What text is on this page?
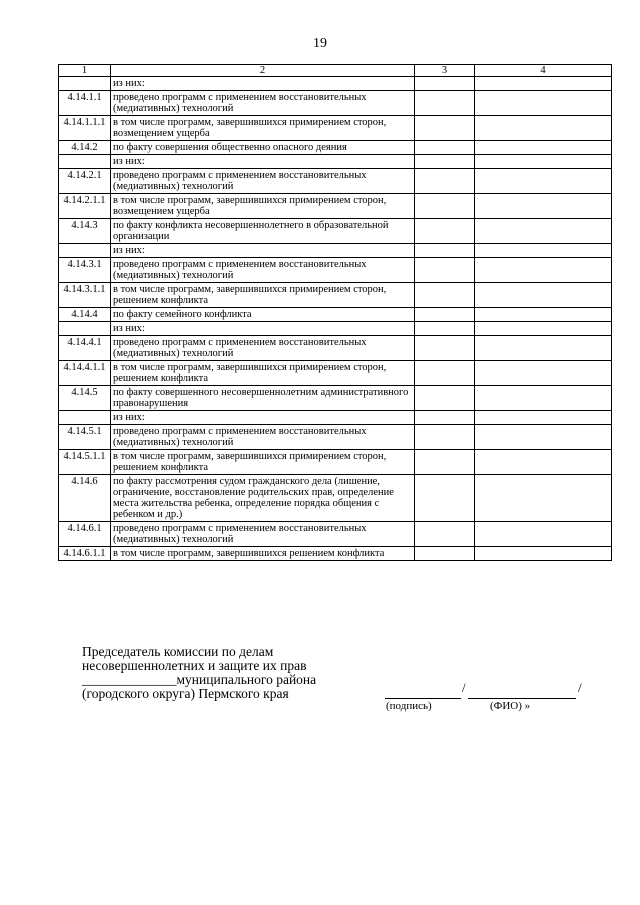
19
1	2	3	4
	из них:		
4.14.1.1	проведено программ с применением восстановительных (медиативных) технологий		
4.14.1.1.1	в том числе программ, завершившихся примирением сторон, возмещением ущерба		
4.14.2	по факту совершения общественно опасного деяния		
	из них:		
4.14.2.1	проведено программ с применением восстановительных (медиативных) технологий		
4.14.2.1.1	в том числе программ, завершившихся примирением сторон, возмещением ущерба		
4.14.3	по факту конфликта несовершеннолетнего в образовательной организации		
	из них:		
4.14.3.1	проведено программ с применением восстановительных (медиативных) технологий		
4.14.3.1.1	в том числе программ, завершившихся примирением сторон, решением конфликта		
4.14.4	по факту семейного конфликта		
	из них:		
4.14.4.1	проведено программ с применением восстановительных (медиативных) технологий		
4.14.4.1.1	в том числе программ, завершившихся примирением сторон, решением конфликта		
4.14.5	по факту совершенного несовершеннолетним административного правонарушения		
	из них:		
4.14.5.1	проведено программ с применением восстановительных (медиативных) технологий		
4.14.5.1.1	в том числе программ, завершившихся примирением сторон, решением конфликта		
4.14.6	по факту рассмотрения судом гражданского дела (лишение, ограничение, восстановление родительских прав, определение места жительства ребенка, определение порядка общения с ребенком и др.)		
4.14.6.1	проведено программ с применением восстановительных (медиативных) технологий		
4.14.6.1.1	в том числе программ, завершившихся решением конфликта		
Председатель комиссии по делам
несовершеннолетних и защите их прав
______________муниципального района
(городского округа) Пермского края	/	/
(подпись)	(ФИО) »
